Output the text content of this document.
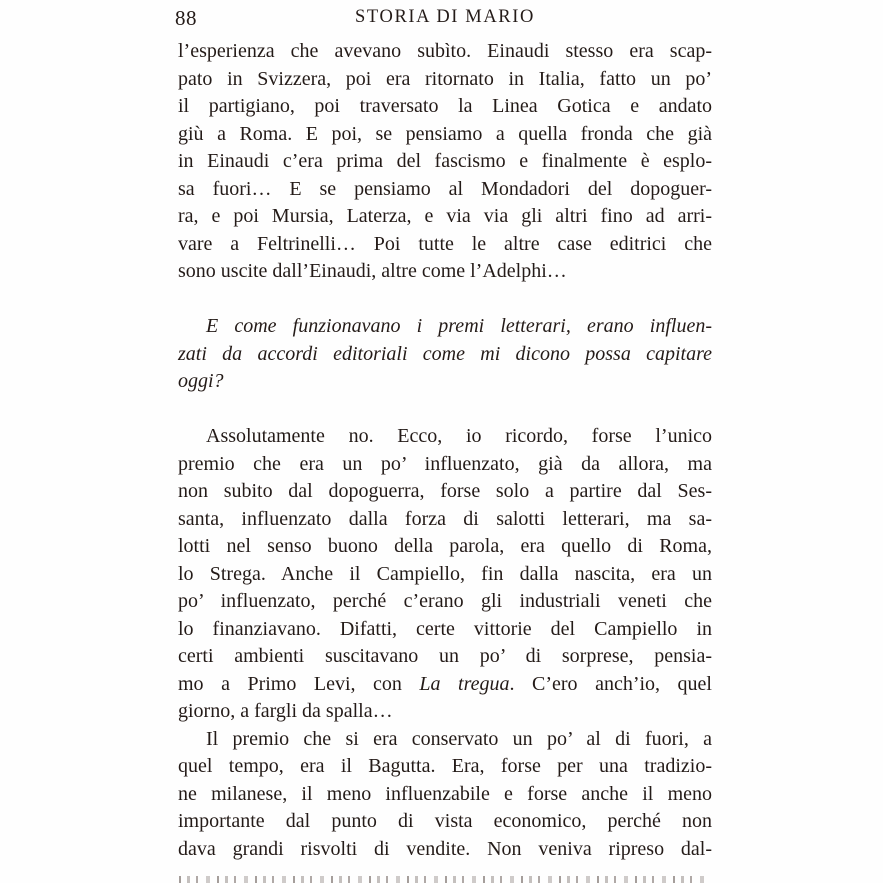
88	STORIA DI MARIO
l’esperienza che avevano subìto. Einaudi stesso era scap-
pato in Svizzera, poi era ritornato in Italia, fatto un po’
il partigiano, poi traversato la Linea Gotica e andato
giù a Roma. E poi, se pensiamo a quella fronda che già
in Einaudi c’era prima del fascismo e finalmente è esplo-
sa fuori… E se pensiamo al Mondadori del dopoguer-
ra, e poi Mursia, Laterza, e via via gli altri fino ad arri-
vare a Feltrinelli… Poi tutte le altre case editrici che
sono uscite dall’Einaudi, altre come l’Adelphi…
E come funzionavano i premi letterari, erano influen-
zati da accordi editoriali come mi dicono possa capitare
oggi?
Assolutamente no. Ecco, io ricordo, forse l’unico
premio che era un po’ influenzato, già da allora, ma
non subito dal dopoguerra, forse solo a partire dal Ses-
santa, influenzato dalla forza di salotti letterari, ma sa-
lotti nel senso buono della parola, era quello di Roma,
lo Strega. Anche il Campiello, fin dalla nascita, era un
po’ influenzato, perché c’erano gli industriali veneti che
lo finanziavano. Difatti, certe vittorie del Campiello in
certi ambienti suscitavano un po’ di sorprese, pensia-
mo a Primo Levi, con La tregua. C’ero anch’io, quel
giorno, a fargli da spalla…
Il premio che si era conservato un po’ al di fuori, a
quel tempo, era il Bagutta. Era, forse per una tradizio-
ne milanese, il meno influenzabile e forse anche il meno
importante dal punto di vista economico, perché non
dava grandi risvolti di vendite. Non veniva ripreso dal-
